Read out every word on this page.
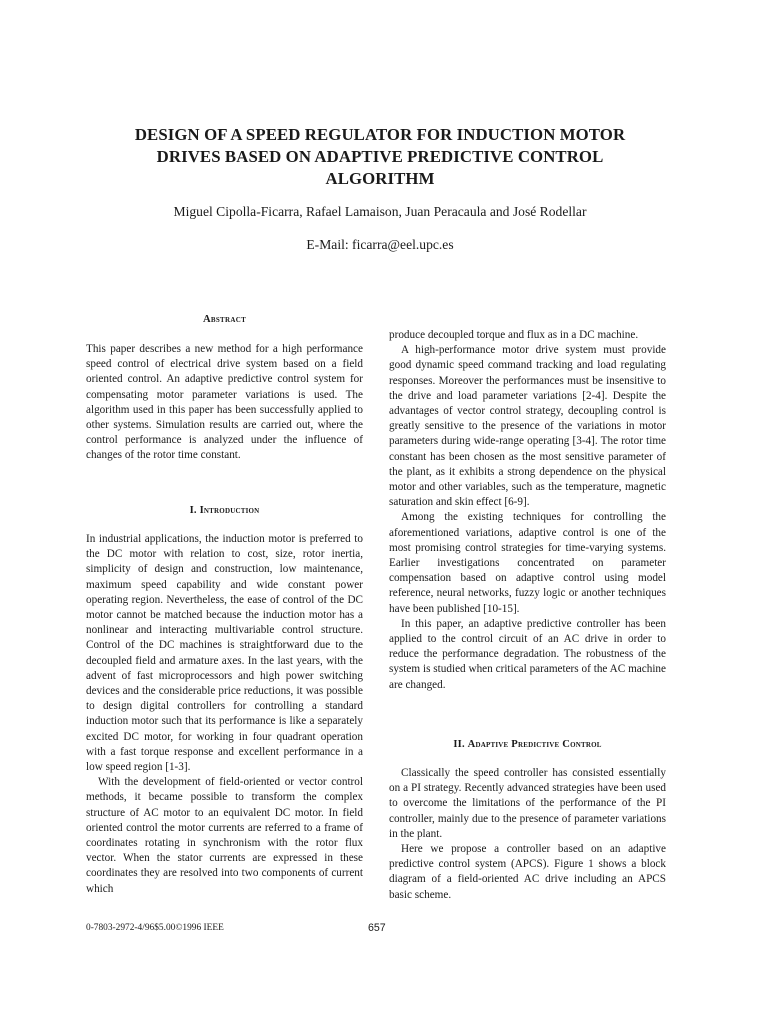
DESIGN OF A SPEED REGULATOR FOR INDUCTION MOTOR
DRIVES BASED ON ADAPTIVE PREDICTIVE CONTROL
ALGORITHM
Miguel Cipolla-Ficarra, Rafael Lamaison, Juan Peracaula and José Rodellar
E-Mail: ficarra@eel.upc.es
Abstract

This paper describes a new method for a high performance speed control of electrical drive system based on a field oriented control. An adaptive predictive control system for compensating motor parameter variations is used. The algorithm used in this paper has been successfully applied to other systems. Simulation results are carried out, where the control performance is analyzed under the influence of changes of the rotor time constant.

I. Introduction

In industrial applications, the induction motor is preferred to the DC motor with relation to cost, size, rotor inertia, simplicity of design and construction, low maintenance, maximum speed capability and wide constant power operating region. Nevertheless, the ease of control of the DC motor cannot be matched because the induction motor has a nonlinear and interacting multivariable control structure. Control of the DC machines is straightforward due to the decoupled field and armature axes. In the last years, with the advent of fast microprocessors and high power switching devices and the considerable price reductions, it was possible to design digital controllers for controlling a standard induction motor such that its performance is like a separately excited DC motor, for working in four quadrant operation with a fast torque response and excellent performance in a low speed region [1-3].

With the development of field-oriented or vector control methods, it became possible to transform the complex structure of AC motor to an equivalent DC motor. In field oriented control the motor currents are referred to a frame of coordinates rotating in synchronism with the rotor flux vector. When the stator currents are expressed in these coordinates they are resolved into two components of current which

produce decoupled torque and flux as in a DC machine.

A high-performance motor drive system must provide good dynamic speed command tracking and load regulating responses. Moreover the performances must be insensitive to the drive and load parameter variations [2-4]. Despite the advantages of vector control strategy, decoupling control is greatly sensitive to the presence of the variations in motor parameters during wide-range operating [3-4]. The rotor time constant has been chosen as the most sensitive parameter of the plant, as it exhibits a strong dependence on the physical motor and other variables, such as the temperature, magnetic saturation and skin effect [6-9].

Among the existing techniques for controlling the aforementioned variations, adaptive control is one of the most promising control strategies for time-varying systems. Earlier investigations concentrated on parameter compensation based on adaptive control using model reference, neural networks, fuzzy logic or another techniques have been published [10-15].

In this paper, an adaptive predictive controller has been applied to the control circuit of an AC drive in order to reduce the performance degradation. The robustness of the system is studied when critical parameters of the AC machine are changed.

II. Adaptive Predictive Control

Classically the speed controller has consisted essentially on a PI strategy. Recently advanced strategies have been used to overcome the limitations of the performance of the PI controller, mainly due to the presence of parameter variations in the plant.

Here we propose a controller based on an adaptive predictive control system (APCS). Figure 1 shows a block diagram of a field-oriented AC drive including an APCS basic scheme.

0-7803-2972-4/96$5.00©1996 IEEE	657
